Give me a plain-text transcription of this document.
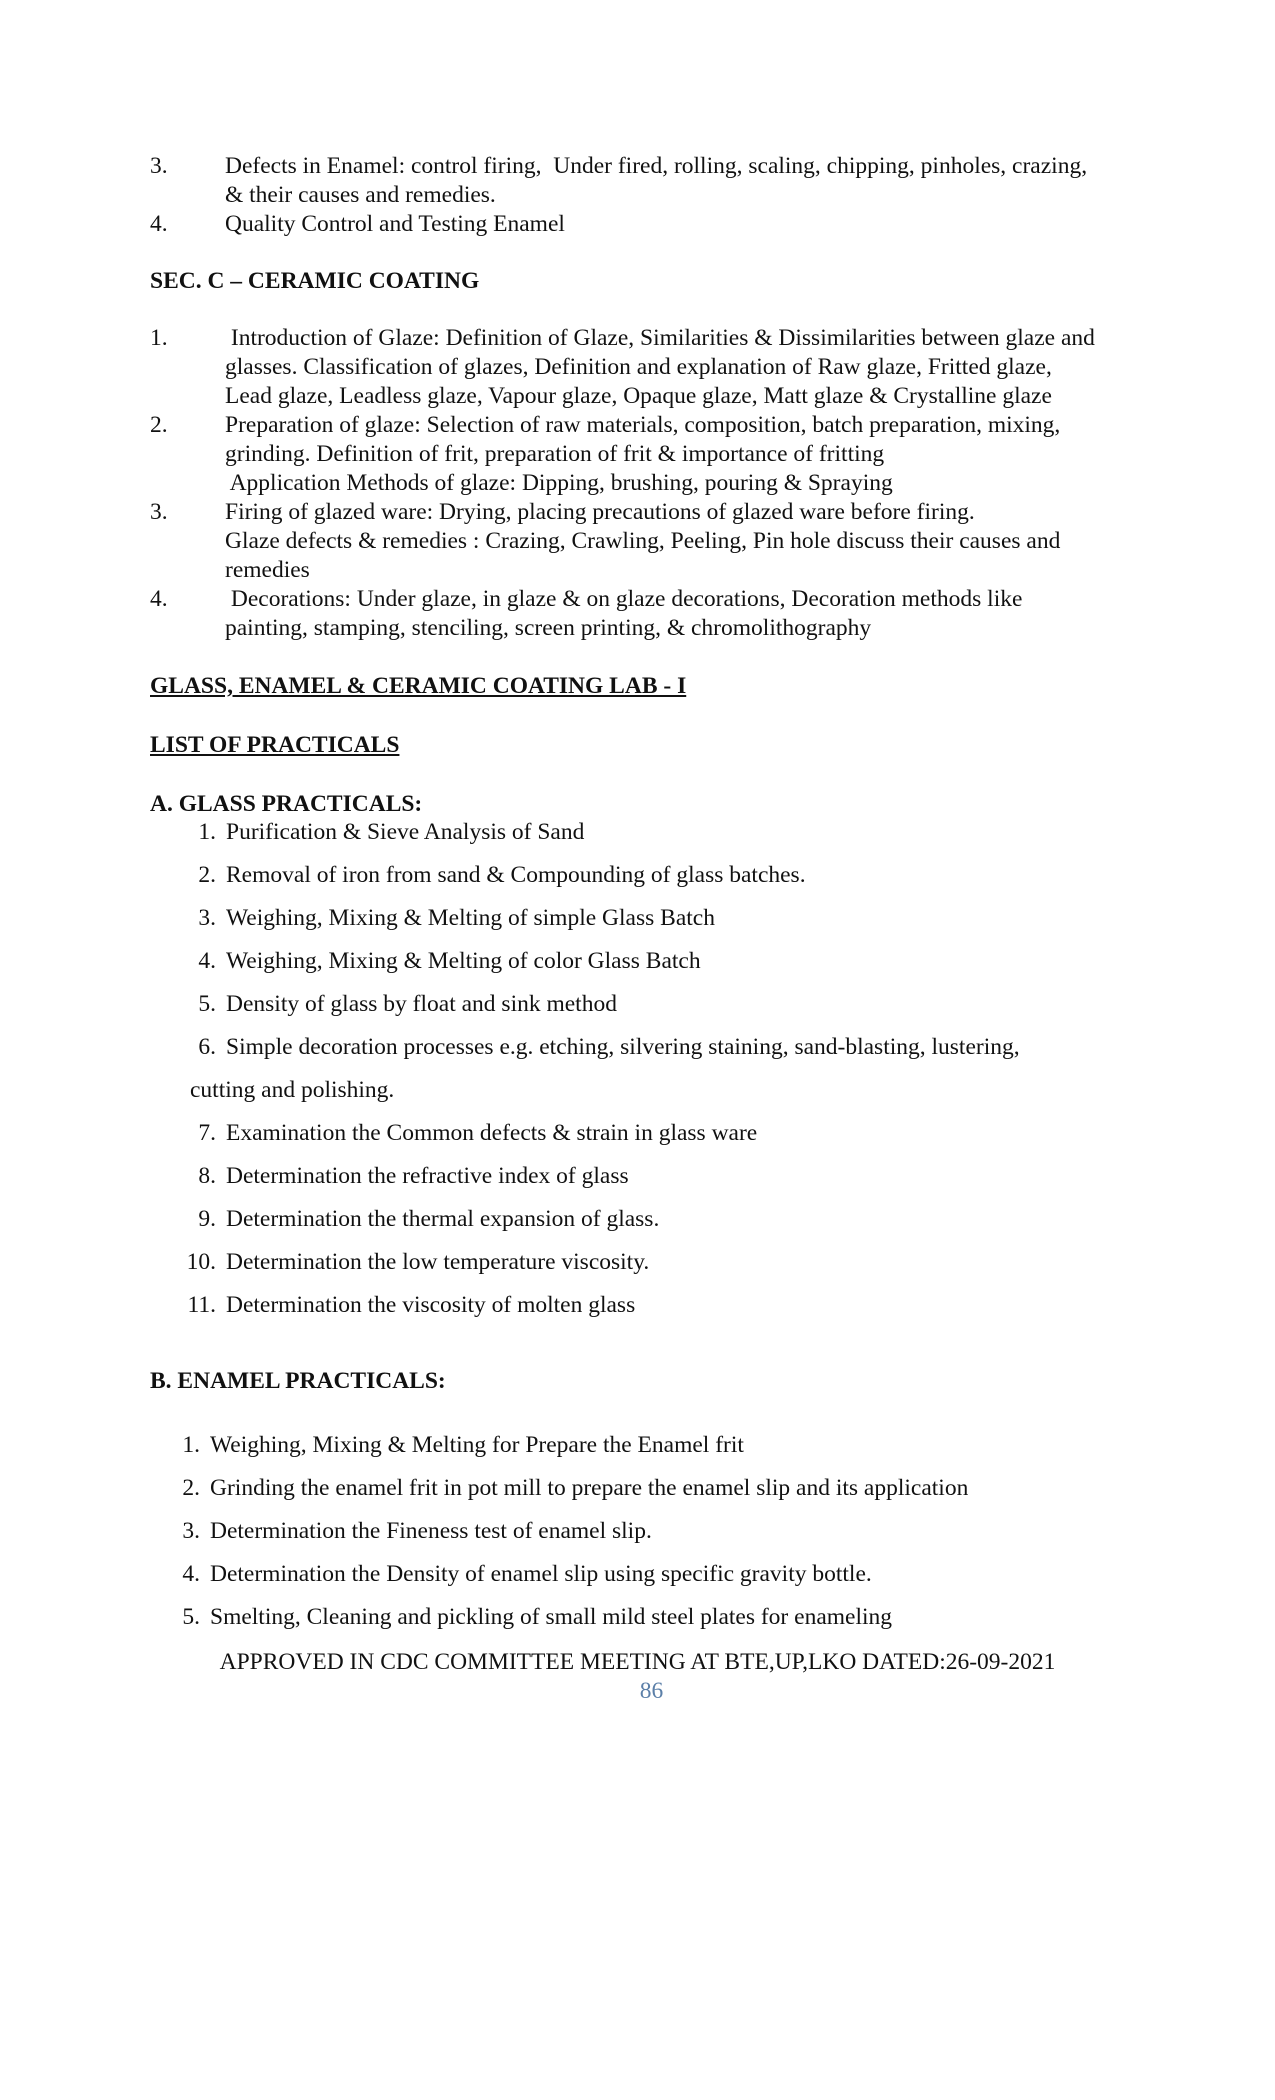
3. Defects in Enamel: control firing,  Under fired, rolling, scaling, chipping, pinholes, crazing,
& their causes and remedies.
4. Quality Control and Testing Enamel
SEC. C – CERAMIC COATING
1. Introduction of Glaze: Definition of Glaze, Similarities & Dissimilarities between glaze and
glasses. Classification of glazes, Definition and explanation of Raw glaze, Fritted glaze,
Lead glaze, Leadless glaze, Vapour glaze, Opaque glaze, Matt glaze & Crystalline glaze
2. Preparation of glaze: Selection of raw materials, composition, batch preparation, mixing,
grinding. Definition of frit, preparation of frit & importance of fritting
Application Methods of glaze: Dipping, brushing, pouring & Spraying
3. Firing of glazed ware: Drying, placing precautions of glazed ware before firing.
Glaze defects & remedies : Crazing, Crawling, Peeling, Pin hole discuss their causes and
remedies
4. Decorations: Under glaze, in glaze & on glaze decorations, Decoration methods like
painting, stamping, stenciling, screen printing, & chromolithography
GLASS, ENAMEL & CERAMIC COATING LAB - I
LIST OF PRACTICALS
A. GLASS PRACTICALS:
1. Purification & Sieve Analysis of Sand
2. Removal of iron from sand & Compounding of glass batches.
3. Weighing, Mixing & Melting of simple Glass Batch
4. Weighing, Mixing & Melting of color Glass Batch
5. Density of glass by float and sink method
6. Simple decoration processes e.g. etching, silvering staining, sand-blasting, lustering,
cutting and polishing.
7. Examination the Common defects & strain in glass ware
8. Determination the refractive index of glass
9. Determination the thermal expansion of glass.
10. Determination the low temperature viscosity.
11. Determination the viscosity of molten glass
B. ENAMEL PRACTICALS:
1. Weighing, Mixing & Melting for Prepare the Enamel frit
2. Grinding the enamel frit in pot mill to prepare the enamel slip and its application
3. Determination the Fineness test of enamel slip.
4. Determination the Density of enamel slip using specific gravity bottle.
5. Smelting, Cleaning and pickling of small mild steel plates for enameling
APPROVED IN CDC COMMITTEE MEETING AT BTE,UP,LKO DATED:26-09-2021
86
